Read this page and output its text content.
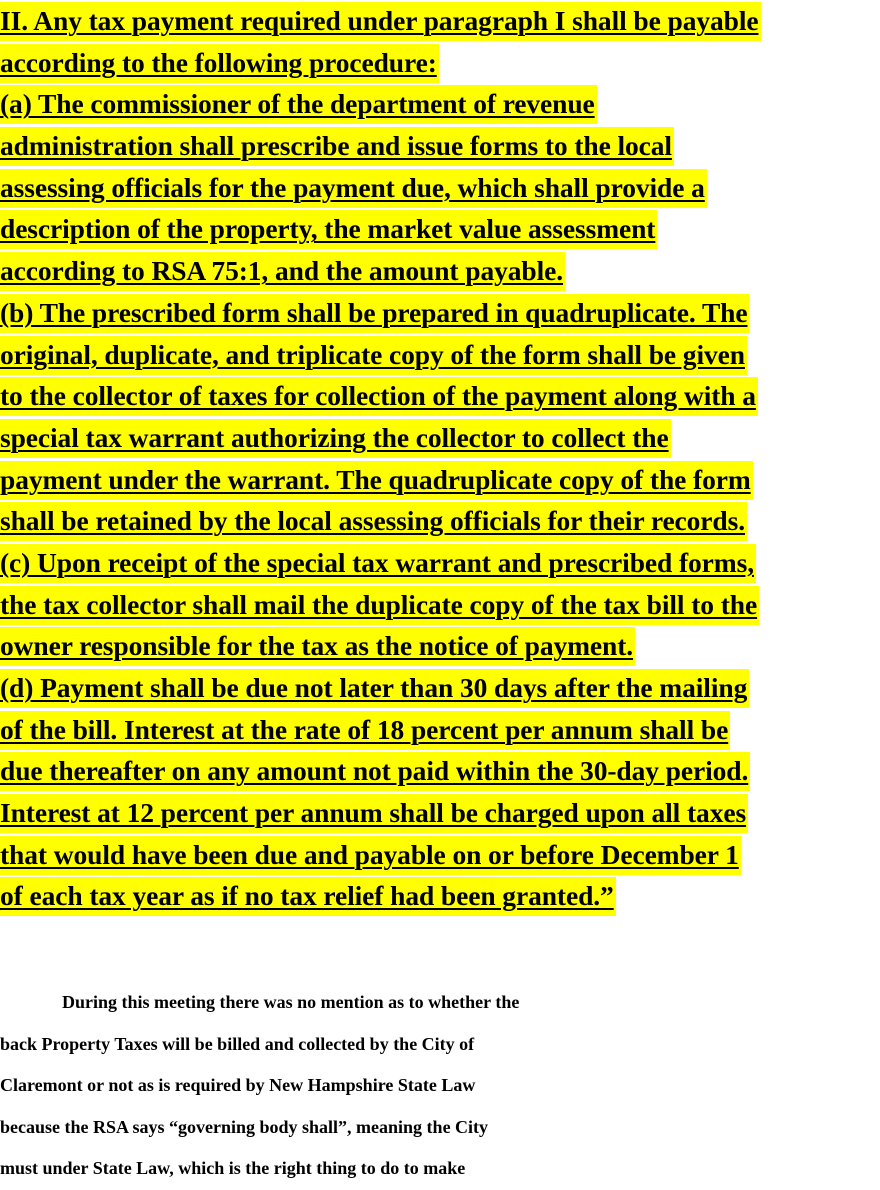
II. Any tax payment required under paragraph I shall be payable
according to the following procedure:
(a) The commissioner of the department of revenue
administration shall prescribe and issue forms to the local
assessing officials for the payment due, which shall provide a
description of the property, the market value assessment
according to RSA 75:1, and the amount payable.
(b) The prescribed form shall be prepared in quadruplicate. The
original, duplicate, and triplicate copy of the form shall be given
to the collector of taxes for collection of the payment along with a
special tax warrant authorizing the collector to collect the
payment under the warrant. The quadruplicate copy of the form
shall be retained by the local assessing officials for their records.
(c) Upon receipt of the special tax warrant and prescribed forms,
the tax collector shall mail the duplicate copy of the tax bill to the
owner responsible for the tax as the notice of payment.
(d) Payment shall be due not later than 30 days after the mailing
of the bill. Interest at the rate of 18 percent per annum shall be
due thereafter on any amount not paid within the 30-day period.
Interest at 12 percent per annum shall be charged upon all taxes
that would have been due and payable on or before December 1
of each tax year as if no tax relief had been granted.”
During this meeting there was no mention as to whether the
back Property Taxes will be billed and collected by the City of
Claremont or not as is required by New Hampshire State Law
because the RSA says “governing body shall”, meaning the City
must under State Law, which is the right thing to do to make
